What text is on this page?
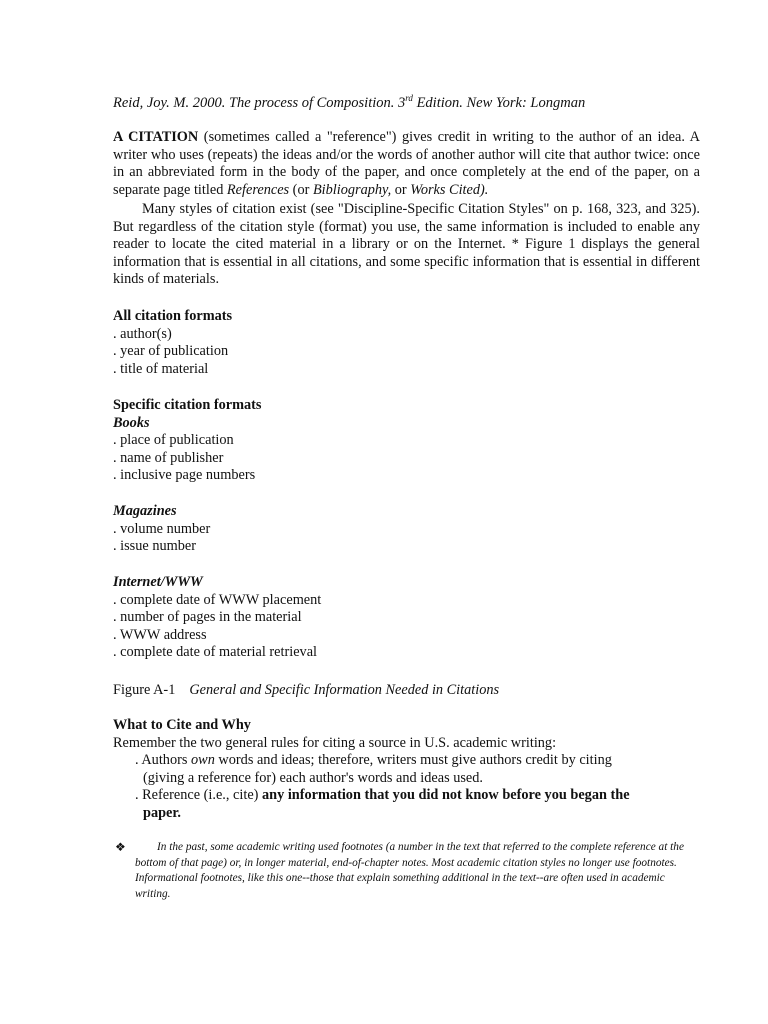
Reid, Joy. M. 2000. The process of Composition. 3rd Edition. New York: Longman

A CITATION (sometimes called a "reference") gives credit in writing to the author of an idea. A writer who uses (repeats) the ideas and/or the words of another author will cite that author twice: once in an abbreviated form in the body of the paper, and once completely at the end of the paper, on a separate page titled References (or Bibliography, or Works Cited).

Many styles of citation exist (see "Discipline-Specific Citation Styles" on p. 168, 323, and 325). But regardless of the citation style (format) you use, the same information is included to enable any reader to locate the cited material in a library or on the Internet. * Figure 1 displays the general information that is essential in all citations, and some specific information that is essential in different kinds of materials.

All citation formats
. author(s)
. year of publication
. title of material
Specific citation formats
Books
. place of publication
. name of publisher
. inclusive page numbers
Magazines
. volume number
. issue number
Internet/WWW
. complete date of WWW placement
. number of pages in the material
. WWW address
. complete date of material retrieval
Figure A-1 General and Specific Information Needed in Citations
What to Cite and Why
Remember the two general rules for citing a source in U.S. academic writing:
. Authors own words and ideas; therefore, writers must give authors credit by citing
(giving a reference for) each author's words and ideas used.
. Reference (i.e., cite) any information that you did not know before you began the
paper.
❖	In the past, some academic writing used footnotes (a number in the text that referred to the complete reference at the bottom of that page) or, in longer material, end-of-chapter notes. Most academic citation styles no longer use footnotes. Informational footnotes, like this one--those that explain something additional in the text--are often used in academic writing.
